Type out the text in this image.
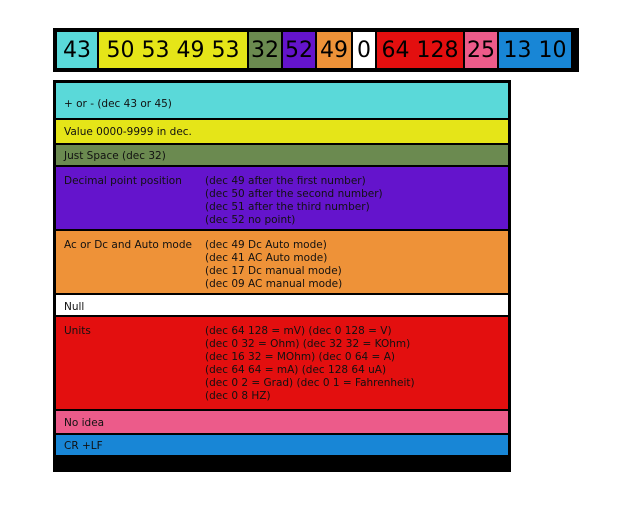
43 50 53 49 53 32 52 49 0 64 128 25 13 10
+ or - (dec 43 or 45)
Value 0000-9999 in dec.
Just Space (dec 32)
Decimal point position (dec 49 after the first number)
(dec 50 after the second number)
(dec 51 after the third number)
(dec 52 no point)
Ac or Dc and Auto mode (dec 49 Dc Auto mode)
(dec 41 AC Auto mode)
(dec 17 Dc manual mode)
(dec 09 AC manual mode)
Null
Units	(dec 64 128 = mV) (dec 0 128 = V)
(dec 0 32 = Ohm) (dec 32 32 = KOhm)
(dec 16 32 = MOhm) (dec 0 64 = A)
(dec 64 64 = mA) (dec 128 64 uA)
(dec 0 2 = Grad) (dec 0 1 = Fahrenheit)
(dec 0 8 HZ)
No idea
CR +LF
